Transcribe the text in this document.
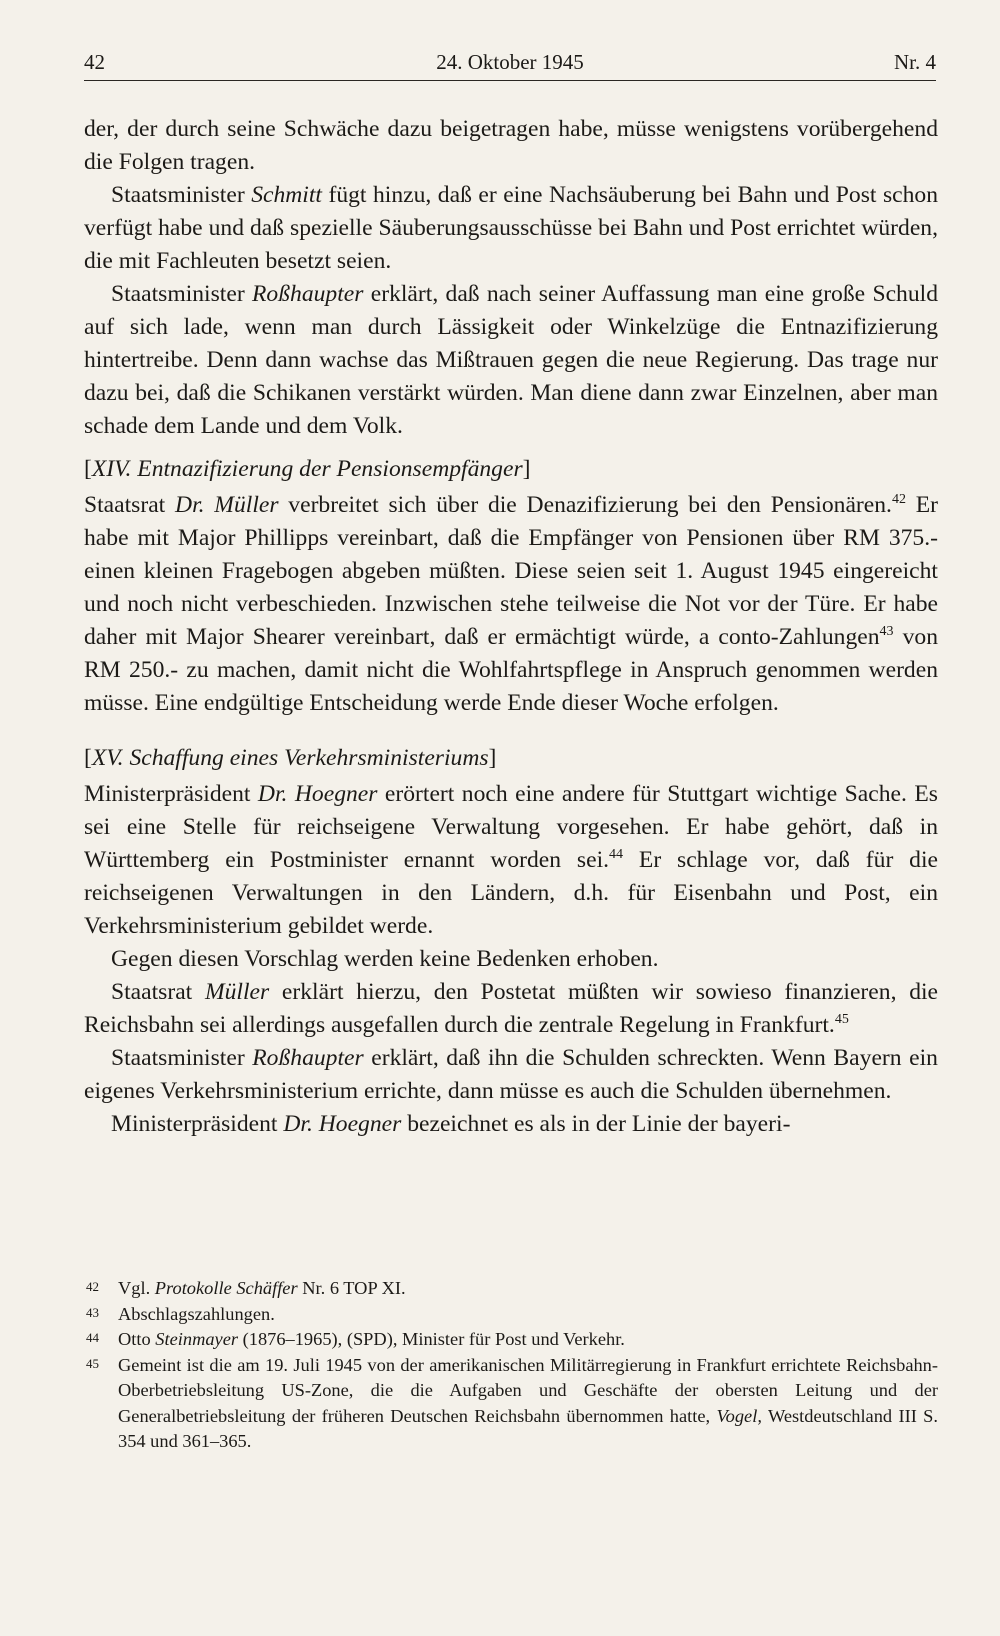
42	24. Oktober 1945	Nr. 4

der, der durch seine Schwäche dazu beigetragen habe, müsse wenigstens vorübergehend die Folgen tragen.

Staatsminister Schmitt fügt hinzu, daß er eine Nachsäuberung bei Bahn und Post schon verfügt habe und daß spezielle Säuberungsausschüsse bei Bahn und Post errichtet würden, die mit Fachleuten besetzt seien.

Staatsminister Roßhaupter erklärt, daß nach seiner Auffassung man eine große Schuld auf sich lade, wenn man durch Lässigkeit oder Winkelzüge die Entnazifizierung hintertreibe. Denn dann wachse das Mißtrauen gegen die neue Regierung. Das trage nur dazu bei, daß die Schikanen verstärkt würden. Man diene dann zwar Einzelnen, aber man schade dem Lande und dem Volk.

[XIV. Entnazifizierung der Pensionsempfänger]

Staatsrat Dr. Müller verbreitet sich über die Denazifizierung bei den Pensionären.$^{42}$ Er habe mit Major Phillipps vereinbart, daß die Empfänger von Pensionen über RM 375.- einen kleinen Fragebogen abgeben müßten. Diese seien seit 1. August 1945 eingereicht und noch nicht verbeschieden. Inzwischen stehe teilweise die Not vor der Türe. Er habe daher mit Major Shearer vereinbart, daß er ermächtigt würde, a conto-Zahlungen$^{43}$ von RM 250.- zu machen, damit nicht die Wohlfahrtspflege in Anspruch genommen werden müsse. Eine endgültige Entscheidung werde Ende dieser Woche erfolgen.

[XV. Schaffung eines Verkehrsministeriums]

Ministerpräsident Dr. Hoegner erörtert noch eine andere für Stuttgart wichtige Sache. Es sei eine Stelle für reichseigene Verwaltung vorgesehen. Er habe gehört, daß in Württemberg ein Postminister ernannt worden sei.$^{44}$ Er schlage vor, daß für die reichseigenen Verwaltungen in den Ländern, d.h. für Eisenbahn und Post, ein Verkehrsministerium gebildet werde.

Gegen diesen Vorschlag werden keine Bedenken erhoben.

Staatsrat Müller erklärt hierzu, den Postetat müßten wir sowieso finanzieren, die Reichsbahn sei allerdings ausgefallen durch die zentrale Regelung in Frankfurt.$^{45}$

Staatsminister Roßhaupter erklärt, daß ihn die Schulden schreckten. Wenn Bayern ein eigenes Verkehrsministerium errichte, dann müsse es auch die Schulden übernehmen.

Ministerpräsident Dr. Hoegner bezeichnet es als in der Linie der bayeri-

42 Vgl. Protokolle Schäffer Nr. 6 TOP XI.

43 Abschlagszahlungen.

44 Otto Steinmayer (1876–1965), (SPD), Minister für Post und Verkehr.

45 Gemeint ist die am 19. Juli 1945 von der amerikanischen Militärregierung in Frankfurt errichtete Reichsbahn-Oberbetriebsleitung US-Zone, die die Aufgaben und Geschäfte der obersten Leitung und der Generalbetriebsleitung der früheren Deutschen Reichsbahn übernommen hatte, Vogel, Westdeutschland III S. 354 und 361–365.
